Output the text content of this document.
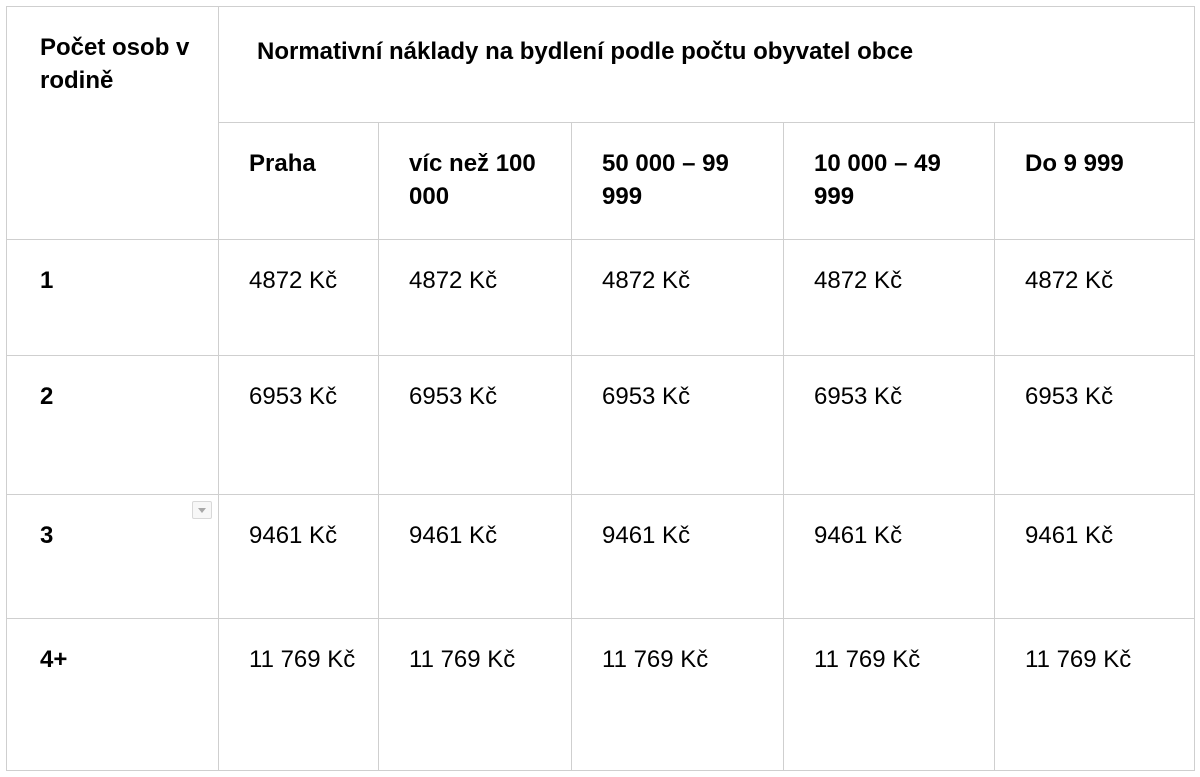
Počet osob v rodině	Normativní náklady na bydlení podle počtu obyvatel obce				

	Praha	víc než 100 000	50 000 – 99 999	10 000 – 49 999	Do 9 999

1	4872 Kč	4872 Kč	4872 Kč	4872 Kč	4872 Kč

2	6953 Kč	6953 Kč	6953 Kč	6953 Kč	6953 Kč

3	9461 Kč	9461 Kč	9461 Kč	9461 Kč	9461 Kč

4+	11 769 Kč	11 769 Kč	11 769 Kč	11 769 Kč	11 769 Kč
